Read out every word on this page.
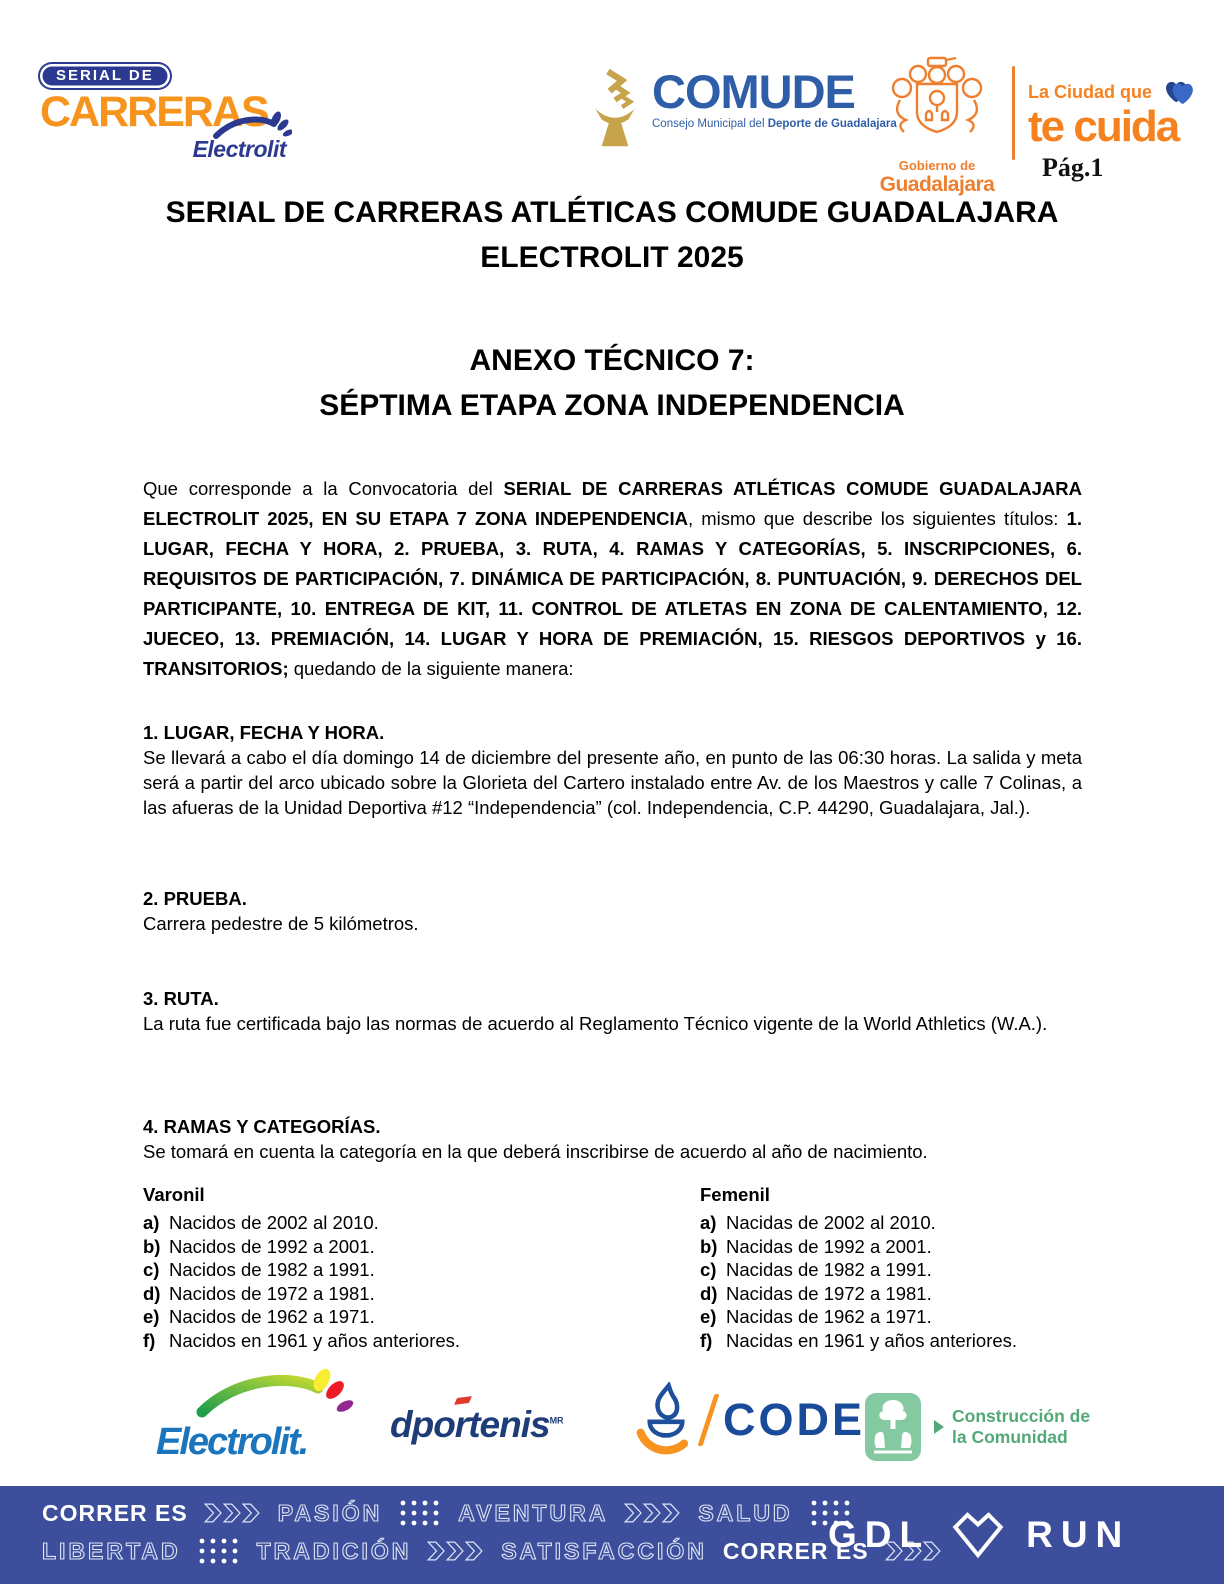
SERIAL DE
CARRERAS
Electrolit
COMUDE
Consejo Municipal del Deporte de Guadalajara
Gobierno de
Guadalajara
La Ciudad que
te cuida
Pág.1
SERIAL DE CARRERAS ATLÉTICAS COMUDE GUADALAJARA
ELECTROLIT 2025
ANEXO TÉCNICO 7:
SÉPTIMA ETAPA ZONA INDEPENDENCIA

Que corresponde a la Convocatoria del SERIAL DE CARRERAS ATLÉTICAS COMUDE GUADALAJARA ELECTROLIT 2025, EN SU ETAPA 7 ZONA INDEPENDENCIA, mismo que describe los siguientes títulos: 1. LUGAR, FECHA Y HORA, 2. PRUEBA, 3. RUTA, 4. RAMAS Y CATEGORÍAS, 5. INSCRIPCIONES, 6. REQUISITOS DE PARTICIPACIÓN, 7. DINÁMICA DE PARTICIPACIÓN, 8. PUNTUACIÓN, 9. DERECHOS DEL PARTICIPANTE, 10. ENTREGA DE KIT, 11. CONTROL DE ATLETAS EN ZONA DE CALENTAMIENTO, 12. JUECEO, 13. PREMIACIÓN, 14. LUGAR Y HORA DE PREMIACIÓN, 15. RIESGOS DEPORTIVOS y 16. TRANSITORIOS; quedando de la siguiente manera:

1. LUGAR, FECHA Y HORA.
Se llevará a cabo el día domingo 14 de diciembre del presente año, en punto de las 06:30 horas. La salida y meta será a partir del arco ubicado sobre la Glorieta del Cartero instalado entre Av. de los Maestros y calle 7 Colinas, a las afueras de la Unidad Deportiva #12 “Independencia” (col. Independencia, C.P. 44290, Guadalajara, Jal.).
2. PRUEBA.
Carrera pedestre de 5 kilómetros.
3. RUTA.
La ruta fue certificada bajo las normas de acuerdo al Reglamento Técnico vigente de la World Athletics (W.A.).
4. RAMAS Y CATEGORÍAS.
Se tomará en cuenta la categoría en la que deberá inscribirse de acuerdo al año de nacimiento.
Varonil
a) Nacidos de 2002 al 2010.
b) Nacidos de 1992 a 2001.
c) Nacidos de 1982 a 1991.
d) Nacidos de 1972 a 1981.
e) Nacidos de 1962 a 1971.
f) Nacidos en 1961 y años anteriores.
Femenil
a) Nacidas de 2002 al 2010.
b) Nacidas de 1992 a 2001.
c) Nacidas de 1982 a 1991.
d) Nacidas de 1972 a 1981.
e) Nacidas de 1962 a 1971.
f) Nacidas en 1961 y años anteriores.
Electrolit. dportenis$^{MR}$	CODE	Construcción de
la Comunidad
CORRER ES	PASIÓN	AVENTURA	SALUD
LIBERTAD	TRADICIÓN	SATISFACCIÓN CORRER ES
GDL	RUN
